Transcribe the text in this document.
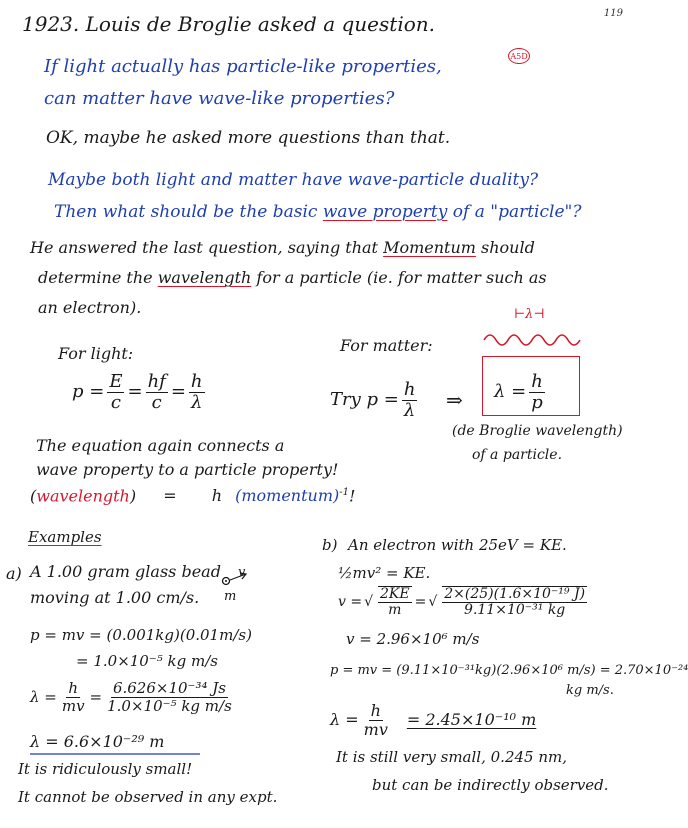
119
1923. Louis de Broglie asked a question.
If light actually has particle-like properties,	A5D
can matter have wave-like properties?
OK, maybe he asked more questions than that.
Maybe both light and matter have wave-particle duality?
Then what should be the basic wave property of a "particle"?
He answered the last question, saying that Momentum should
determine the wavelength for a particle (ie. for matter such as
an electron).
For light:
$p = \frac{E}{c} = \frac{hf}{c} = \frac{h}{\lambda}$
For matter:
Try $p = \frac{h}{\lambda}$ ⇒
⊢λ⊣
$\lambda = \frac{h}{p}$
(de Broglie wavelength)
of a particle.
The equation again connects a
wave property to a particle property!
(wavelength) = h (momentum)$^{-1}$!
Examples
a) A 1.00 gram glass bead
moving at 1.00 cm/s.
v
m
p = mv = (0.001kg)(0.01m/s)
= 1.0×10⁻⁵ kg m/s
$\lambda = \frac{h}{mv} = \frac{\text{6.626×10⁻³⁴ Js}}{\text{1.0×10⁻⁵ kg m/s}}$
λ = 6.6×10⁻²⁹ m
It is ridiculously small!
It cannot be observed in any expt.
b) An electron with 25eV = KE.
½mv² = KE.
v = √ $\frac{2KE}{m}$ = √ $\frac{\text{2×(25)(1.6×10⁻¹⁹ J)}}{\text{9.11×10⁻³¹ kg}}$
v = 2.96×10⁶ m/s
p = mv = (9.11×10⁻³¹kg)(2.96×10⁶ m/s) = 2.70×10⁻²⁴
kg m/s.
$\lambda = \frac{h}{mv} = 2.45\times 10^{-10}$ m
It is still very small, 0.245 nm,
but can be indirectly observed.
